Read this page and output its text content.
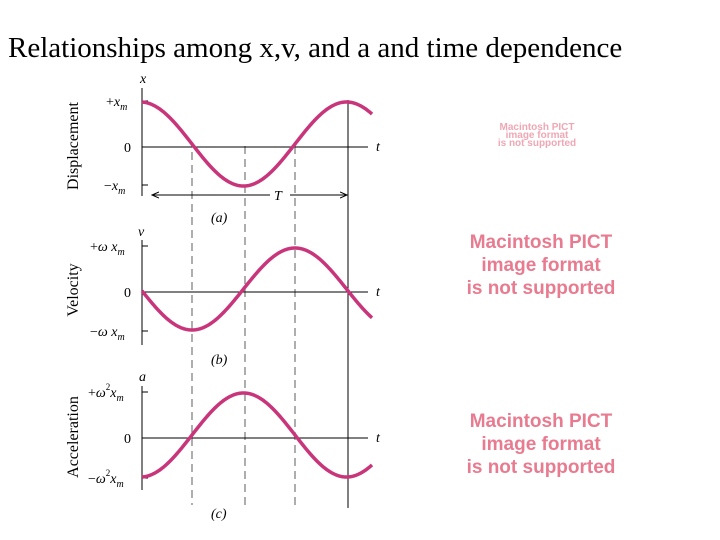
Relationships among x,v, and a and time dependence
Displacement
x
$+x_m$
0
$-x_m$
t
T
(a)
Velocity
v
+ω $x_m$
0
−ω $x_m$
t
(b)
Acceleration
a
$+\omega^2x_m$
0
$-\omega^2x_m$
t
(c)
Macintosh PICT
image format
is not supported
Macintosh PICT
image format
is not supported
Macintosh PICT
image format
is not supported
